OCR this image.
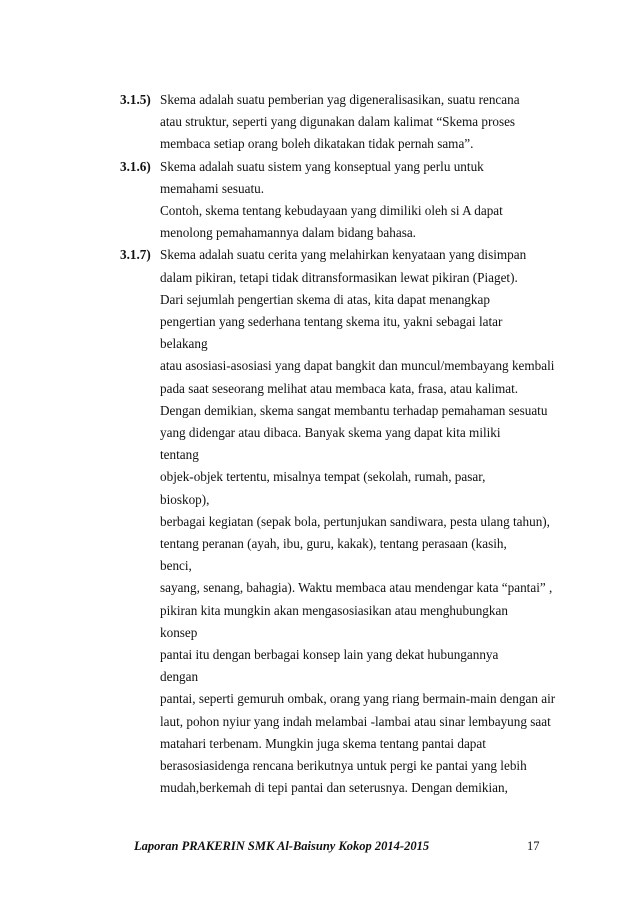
3.1.5) Skema adalah suatu pemberian yag digeneralisasikan, suatu rencana
atau struktur, seperti yang digunakan dalam kalimat “Skema proses
membaca setiap orang boleh dikatakan tidak pernah sama”.
3.1.6) Skema adalah suatu sistem yang konseptual yang perlu untuk
memahami sesuatu.
Contoh, skema tentang kebudayaan yang dimiliki oleh si A dapat
menolong pemahamannya dalam bidang bahasa.
3.1.7) Skema adalah suatu cerita yang melahirkan kenyataan yang disimpan
dalam pikiran, tetapi tidak ditransformasikan lewat pikiran (Piaget).
Dari sejumlah pengertian skema di atas, kita dapat menangkap
pengertian yang sederhana tentang skema itu, yakni sebagai latar
belakang
atau asosiasi-asosiasi yang dapat bangkit dan muncul/membayang kembali
pada saat seseorang melihat atau membaca kata, frasa, atau kalimat.
Dengan demikian, skema sangat membantu terhadap pemahaman sesuatu
yang didengar atau dibaca. Banyak skema yang dapat kita miliki
tentang
objek-objek tertentu, misalnya tempat (sekolah, rumah, pasar,
bioskop),
berbagai kegiatan (sepak bola, pertunjukan sandiwara, pesta ulang tahun),
tentang peranan (ayah, ibu, guru, kakak), tentang perasaan (kasih,
benci,
sayang, senang, bahagia). Waktu membaca atau mendengar kata “pantai” ,
pikiran kita mungkin akan mengasosiasikan atau menghubungkan
konsep
pantai itu dengan berbagai konsep lain yang dekat hubungannya
dengan
pantai, seperti gemuruh ombak, orang yang riang bermain-main dengan air
laut, pohon nyiur yang indah melambai -lambai atau sinar lembayung saat
matahari terbenam. Mungkin juga skema tentang pantai dapat
berasosiasidenga rencana berikutnya untuk pergi ke pantai yang lebih
mudah,berkemah di tepi pantai dan seterusnya. Dengan demikian,
Laporan PRAKERIN SMK Al-Baisuny Kokop 2014-2015	17
